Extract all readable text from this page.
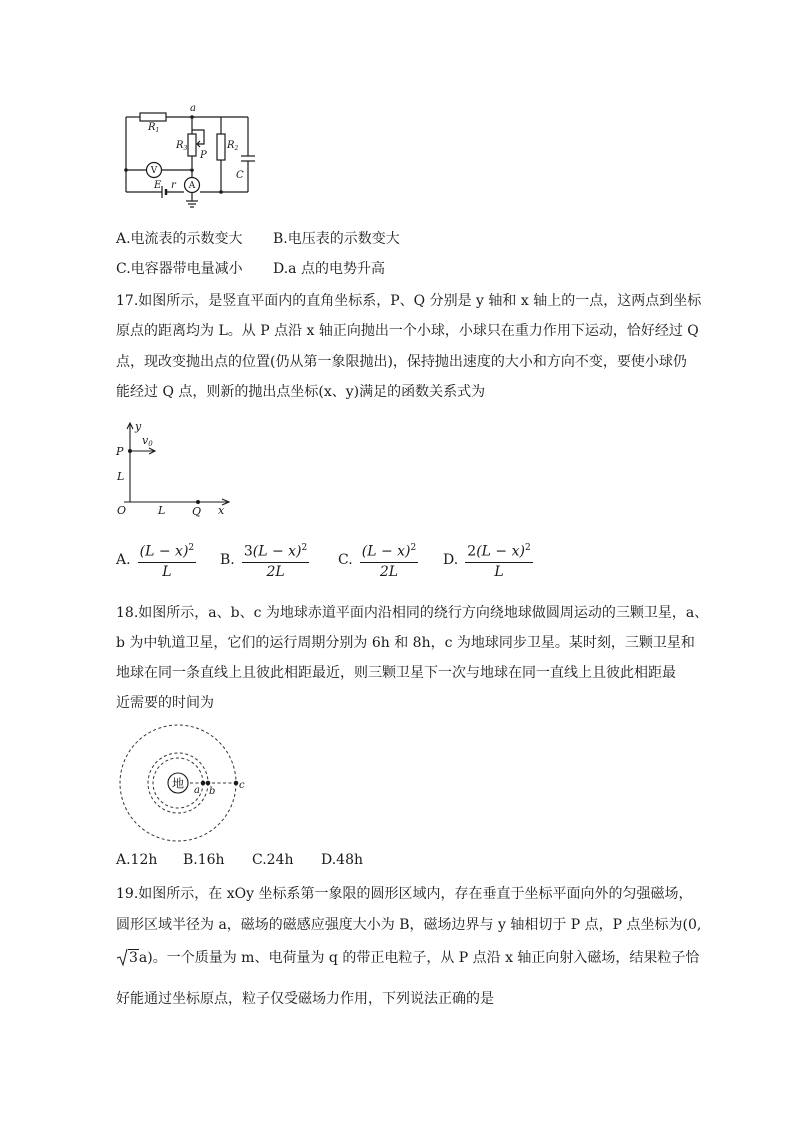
$R_1$
a
$R_3$
P
$R_2$
C
E r
V
A
A.电流表的示数变大 B.电压表的示数变大
C.电容器带电量减小 D.a 点的电势升高
17.如图所示，是竖直平面内的直角坐标系，P、Q 分别是 y 轴和 x 轴上的一点，这两点到坐标
原点的距离均为 L。从 P 点沿 x 轴正向抛出一个小球，小球只在重力作用下运动，恰好经过 Q
点，现改变抛出点的位置(仍从第一象限抛出)，保持抛出速度的大小和方向不变，要使小球仍
能经过 Q 点，则新的抛出点坐标(x、y)满足的函数关系式为
y
v0
P
L
O	L Q x
A. $\frac{(L - x)^2}{L} B$. $\frac{3(L - x)^2}{2L} C$. $\frac{(L - x)^2}{2L} D$. $\frac{2(L - x)^2}{L}$
18.如图所示，a、b、c 为地球赤道平面内沿相同的绕行方向绕地球做圆周运动的三颗卫星，a、
b 为中轨道卫星，它们的运行周期分别为 6h 和 8h，c 为地球同步卫星。某时刻，三颗卫星和
地球在同一条直线上且彼此相距最近，则三颗卫星下一次与地球在同一直线上且彼此相距最
近需要的时间为
地 a b
c
A.12h B.16h C.24h D.48h
19.如图所示，在 xOy 坐标系第一象限的圆形区域内，存在垂直于坐标平面向外的匀强磁场，
圆形区域半径为 a，磁场的磁感应强度大小为 B，磁场边界与 y 轴相切于 P 点，P 点坐标为(0,
3a)。一个质量为 m、电荷量为 q 的带正电粒子，从 P 点沿 x 轴正向射入磁场，结果粒子恰
好能通过坐标原点，粒子仅受磁场力作用，下列说法正确的是
